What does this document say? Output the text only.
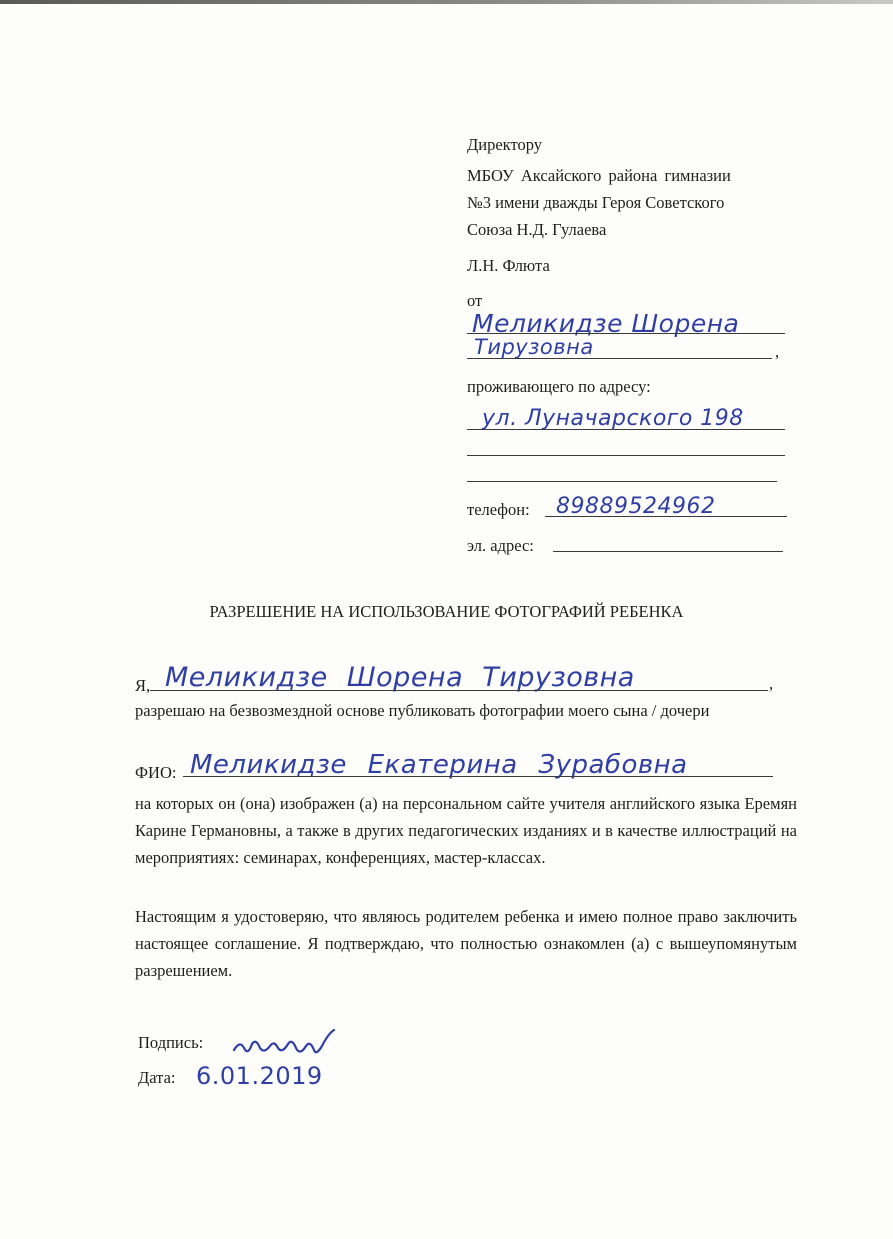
Директору
МБОУ Аксайского района гимназии
№3 имени дважды Героя Советского
Союза Н.Д. Гулаева
Л.Н. Флюта
от
Меликидзе Шорена
Тирузовна	,
проживающего по адресу:
ул. Луначарского 198
телефон: 89889524962
эл. адрес:
РАЗРЕШЕНИЕ НА ИСПОЛЬЗОВАНИЕ ФОТОГРАФИЙ РЕБЕНКА
Я, Меликидзе Шорена Тирузовна	,
разрешаю на безвозмездной основе публиковать фотографии моего сына / дочери
ФИО: Меликидзе Екатерина Зурабовна
на которых он (она) изображен (а) на персональном сайте учителя английского языка Еремян Карине Германовны, а также в других педагогических изданиях и в качестве иллюстраций на мероприятиях: семинарах, конференциях, мастер-классах.
Настоящим я удостоверяю, что являюсь родителем ребенка и имею полное право заключить настоящее соглашение. Я подтверждаю, что полностью ознакомлен (а) с вышеупомянутым разрешением.
Подпись:
Дата: 6.01.2019
